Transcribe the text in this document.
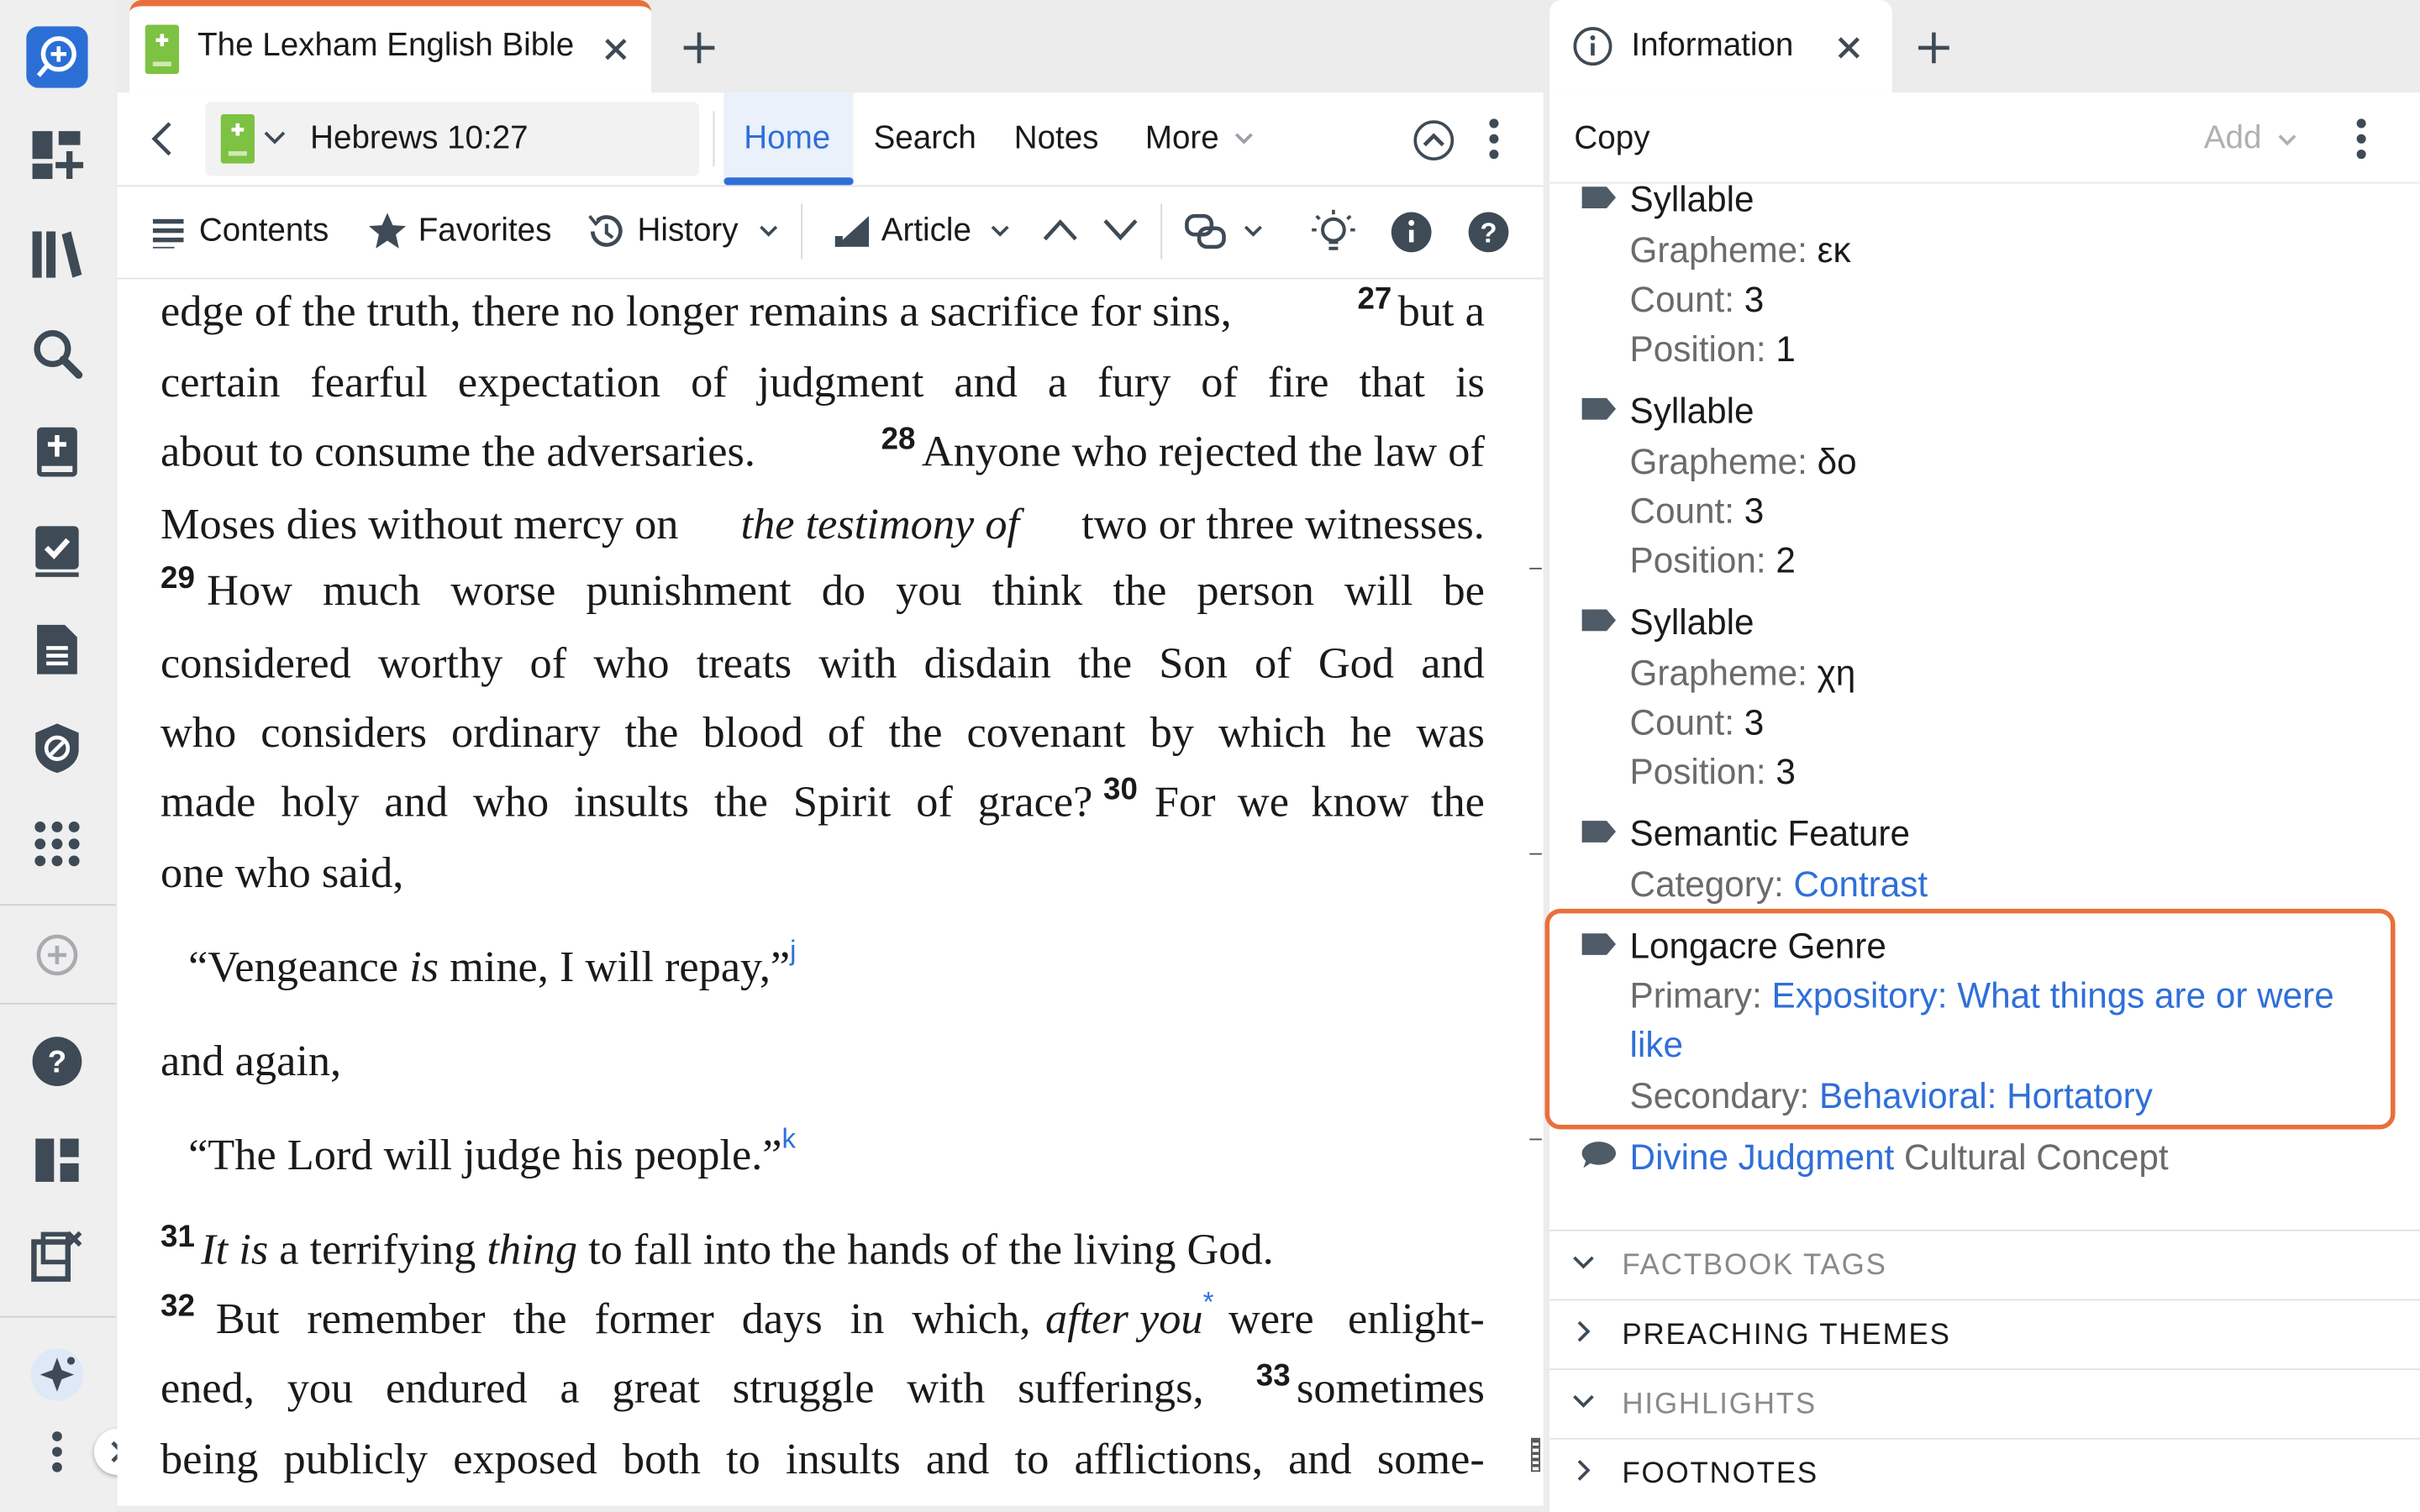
?
The Lexham English Bible	Information
Hebrews 10:27	Home Search Notes	More
Contents	Favorites	History	Article	?
edge of the truth, there no longer remains a sacrifice for sins,	$^{27}$ but a
certain fearful expectation of judgment and a fury of fire that is
about to consume the adversaries.	$^{28}$ Anyone who rejected the law of
Moses dies without mercy on	the testimony of	two or three witnesses.
29 How much worse punishment do you think the person will be
considered worthy of who treats with disdain the Son of God and
who considers ordinary the blood of the covenant by which he was
made holy and who insults the Spirit of grace? 30 For we know the
one who said,
“Vengeance is mine, I will repay,”$^j$
and again,
“The Lord will judge his people.”$^k$
$^{31}$ It is a terrifying thing to fall into the hands of the living God.
32 But remember the former days in which, after you* were enlight-
ened, you endured a great struggle with sufferings,	$^{33}$ sometimes
being publicly exposed both to insults and to afflictions, and some-
Copy	Add
Syllable
Grapheme: εκ
Count: 3
Position: 1
Syllable
Grapheme: δο
Count: 3
Position: 2
Syllable
Grapheme: χη
Count: 3
Position: 3
Semantic Feature
Category: Contrast
Longacre Genre
Primary: Expository: What things are or were
like
Secondary: Behavioral: Hortatory
Divine Judgment Cultural Concept
FACTBOOK TAGS
PREACHING THEMES
HIGHLIGHTS
FOOTNOTES
